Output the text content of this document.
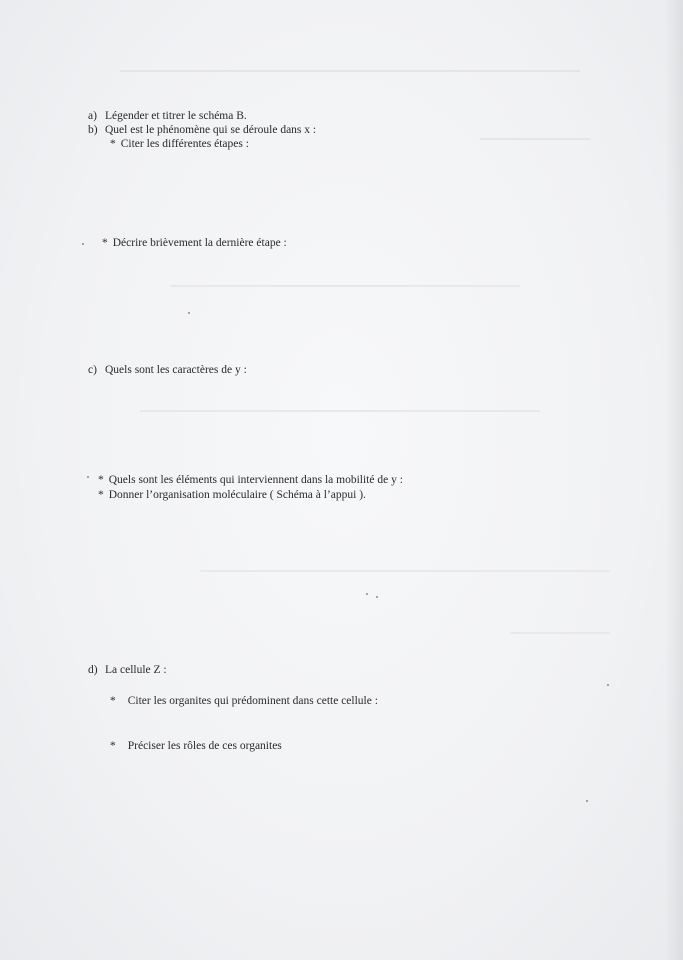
a) Légender et titrer le schéma B.
b) Quel est le phénomène qui se déroule dans x :
* Citer les différentes étapes :
* Décrire brièvement la dernière étape :
c) Quels sont les caractères de y :
* Quels sont les éléments qui interviennent dans la mobilité de y :
* Donner l’organisation moléculaire ( Schéma à l’appui ).
d) La cellule Z :
* Citer les organites qui prédominent dans cette cellule :
* Préciser les rôles de ces organites
